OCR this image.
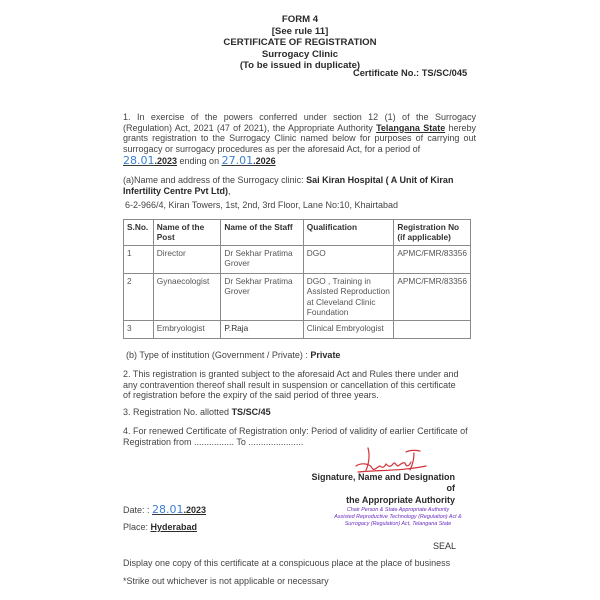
FORM 4
[See rule 11]
CERTIFICATE OF REGISTRATION
Surrogacy Clinic
(To be issued in duplicate)
Certificate No.: TS/SC/045
1. In exercise of the powers conferred under section 12 (1) of the Surrogacy (Regulation) Act, 2021 (47 of 2021), the Appropriate Authority Telangana State hereby grants registration to the Surrogacy Clinic named below for purposes of carrying out surrogacy or surrogacy procedures as per the aforesaid Act, for a period of
28.01.2023 ending on 27.01.2026
(a)Name and address of the Surrogacy clinic: Sai Kiran Hospital ( A Unit of Kiran Infertility Centre Pvt Ltd),
6-2-966/4, Kiran Towers, 1st, 2nd, 3rd Floor, Lane No:10, Khairtabad
S.No.	Name of the Post	Name of the Staff	Qualification	Registration No (if applicable)
1	Director	Dr Sekhar Pratima Grover	DGO	APMC/FMR/83356
2	Gynaecologist	Dr Sekhar Pratima Grover	DGO , Training in Assisted Reproduction at Cleveland Clinic Foundation	APMC/FMR/83356
3	Embryologist	P.Raja	Clinical Embryologist	
(b) Type of institution (Government / Private) : Private
2. This registration is granted subject to the aforesaid Act and Rules there under and any contravention thereof shall result in suspension or cancellation of this certificate of registration before the expiry of the said period of three years.
3. Registration No. allotted TS/SC/45
4. For renewed Certificate of Registration only: Period of validity of earlier Certificate of Registration from ................ To ......................
Signature, Name and Designation of
the Appropriate Authority
Date: : 28.01.2023
Place: Hyderabad
Chair Person & State Appropriate Authority
Assisted Reproductive Technology (Regulation) Act &
Surrogacy (Regulation) Act, Telangana State
SEAL
Display one copy of this certificate at a conspicuous place at the place of business
*Strike out whichever is not applicable or necessary
